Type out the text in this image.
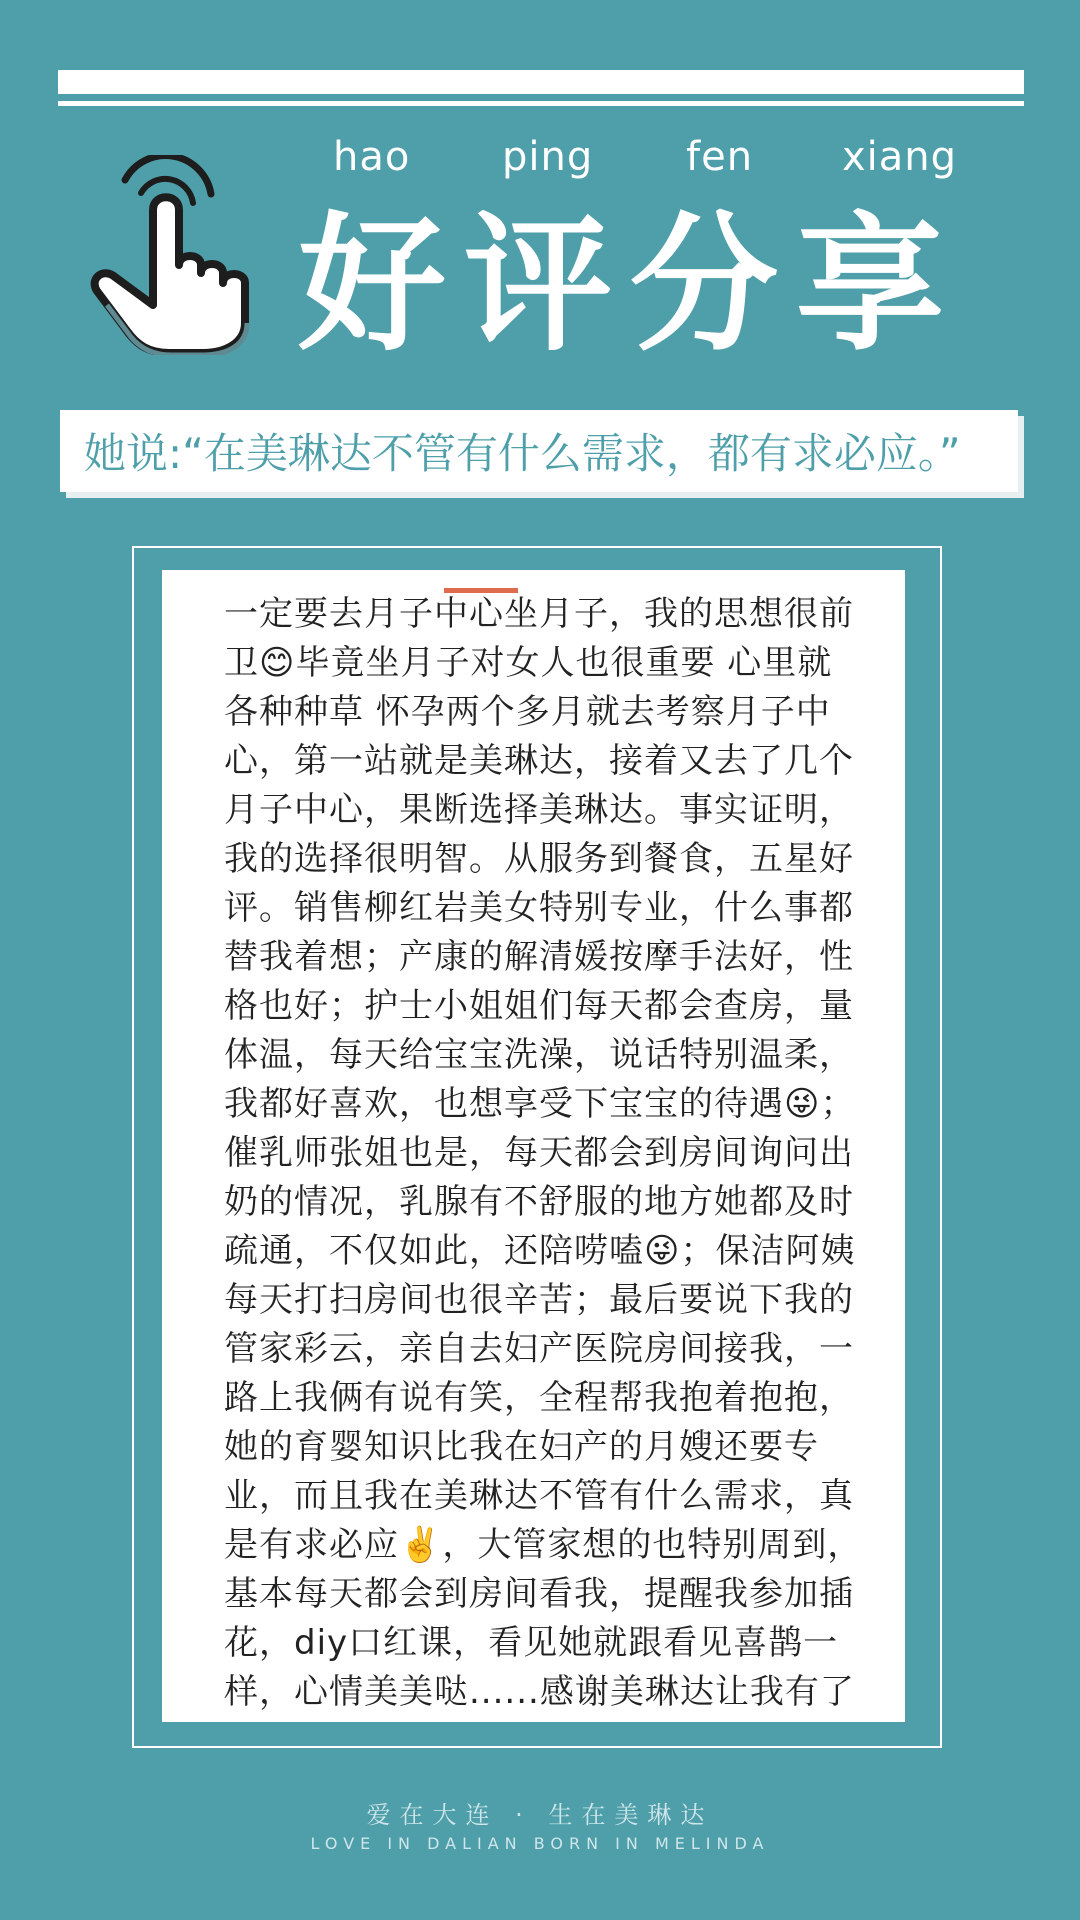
hao ping fen xiang
好评分享
她说:“在美琳达不管有什么需求，都有求必应。”
一定要去月子中心坐月子，我的思想很前
卫😊毕竟坐月子对女人也很重要 心里就
各种种草 怀孕两个多月就去考察月子中
心，第一站就是美琳达，接着又去了几个
月子中心，果断选择美琳达。事实证明，
我的选择很明智。从服务到餐食，五星好
评。销售柳红岩美女特别专业，什么事都
替我着想；产康的解清媛按摩手法好，性
格也好；护士小姐姐们每天都会查房，量
体温，每天给宝宝洗澡，说话特别温柔，
我都好喜欢，也想享受下宝宝的待遇😜；
催乳师张姐也是，每天都会到房间询问出
奶的情况，乳腺有不舒服的地方她都及时
疏通，不仅如此，还陪唠嗑😜；保洁阿姨
每天打扫房间也很辛苦；最后要说下我的
管家彩云，亲自去妇产医院房间接我，一
路上我俩有说有笑，全程帮我抱着抱抱，
她的育婴知识比我在妇产的月嫂还要专
业，而且我在美琳达不管有什么需求，真
是有求必应✌️，大管家想的也特别周到，
基本每天都会到房间看我，提醒我参加插
花，diy口红课，看见她就跟看见喜鹊一
样，心情美美哒......感谢美琳达让我有了
爱在大连 · 生在美琳达
LOVE IN DALIAN BORN IN MELINDA
